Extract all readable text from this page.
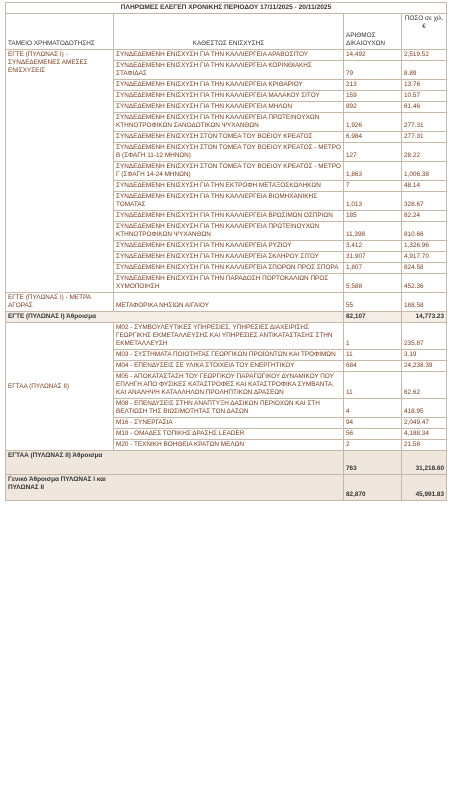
ΠΛΗΡΩΜΕΣ ΕΛΕΓΕΠ ΧΡΟΝΙΚΗΣ ΠΕΡΙΟΔΟΥ 17/11/2025 - 20/11/2025			
ΤΑΜΕΙΟ ΧΡΗΜΑΤΟΔΟΤΗΣΗΣ	ΚΑΘΕΣΤΩΣ ΕΝΙΣΧΥΣΗΣ	ΑΡΙΘΜΟΣ ΔΙΚΑΙΟΥΧΩΝ	ΠΟΣΟ σε χιλ. €
ΕΓΤΕ (ΠΥΛΩΝΑΣ Ι) - ΣΥΝΔΕΔΕΜΕΝΕΣ ΑΜΕΣΕΣ ΕΝΙΣΧΥΣΕΙΣ	ΣΥΝΔΕΔΕΜΕΝΗ ΕΝΙΣΧΥΣΗ ΓΙΑ ΤΗΝ ΚΑΛΛΙΕΡΓΕΙΑ ΑΡΑΒΟΣΙΤΟΥ	14,492	2,519.52
	ΣΥΝΔΕΔΕΜΕΝΗ ΕΝΙΣΧΥΣΗ ΓΙΑ ΤΗΝ ΚΑΛΛΙΕΡΓΕΙΑ ΚΟΡΙΝΘΙΑΚΗΣ ΣΤΑΦΙΔΑΣ	79	8.89
	ΣΥΝΔΕΔΕΜΕΝΗ ΕΝΙΣΧΥΣΗ ΓΙΑ ΤΗΝ ΚΑΛΛΙΕΡΓΕΙΑ ΚΡΙΘΑΡΙΟΥ	213	13.76
	ΣΥΝΔΕΔΕΜΕΝΗ ΕΝΙΣΧΥΣΗ ΓΙΑ ΤΗΝ ΚΑΛΛΙΕΡΓΕΙΑ ΜΑΛΑΚΟΥ ΣΙΤΟΥ	159	10.57
	ΣΥΝΔΕΔΕΜΕΝΗ ΕΝΙΣΧΥΣΗ ΓΙΑ ΤΗΝ ΚΑΛΛΙΕΡΓΕΙΑ ΜΗΛΩΝ	892	61.46
	ΣΥΝΔΕΔΕΜΕΝΗ ΕΝΙΣΧΥΣΗ ΓΙΑ ΤΗΝ ΚΑΛΛΙΕΡΓΕΙΑ ΠΡΩΤΕΙΝΟΥΧΩΝ ΚΤΗΝΟΤΡΟΦΙΚΩΝ ΣΑΝΟΔΟΤΙΚΩΝ ΨΥΧΑΝΘΩΝ	1,926	277.31
	ΣΥΝΔΕΔΕΜΕΝΗ ΕΝΙΣΧΥΣΗ ΣΤΟΝ ΤΟΜΕΑ ΤΟΥ ΒΟΕΙΟΥ ΚΡΕΑΤΟΣ	6,984	277.31
	ΣΥΝΔΕΔΕΜΕΝΗ ΕΝΙΣΧΥΣΗ ΣΤΟΝ ΤΟΜΕΑ ΤΟΥ ΒΟΕΙΟΥ ΚΡΕΑΤΟΣ - ΜΕΤΡΟ Β (ΣΦΑΓΗ 11-12 ΜΗΝΩΝ)	127	28.22
	ΣΥΝΔΕΔΕΜΕΝΗ ΕΝΙΣΧΥΣΗ ΣΤΟΝ ΤΟΜΕΑ ΤΟΥ ΒΟΕΙΟΥ ΚΡΕΑΤΟΣ - ΜΕΤΡΟ Γ (ΣΦΑΓΗ 14-24 ΜΗΝΩΝ)	1,863	1,006.38
	ΣΥΝΔΕΔΕΜΕΝΗ ΕΝΙΣΧΥΣΗ ΓΙΑ ΤΗΝ ΕΚΤΡΟΦΗ ΜΕΤΑΞΟΣΚΩΛΗΚΩΝ	7	48.14
	ΣΥΝΔΕΔΕΜΕΝΗ ΕΝΙΣΧΥΣΗ ΓΙΑ ΤΗΝ ΚΑΛΛΙΕΡΓΕΙΑ ΒΙΟΜΗΧΑΝΙΚΗΣ ΤΟΜΑΤΑΣ	1,013	328.67
	ΣΥΝΔΕΔΕΜΕΝΗ ΕΝΙΣΧΥΣΗ ΓΙΑ ΤΗΝ ΚΑΛΛΙΕΡΓΕΙΑ ΒΡΩΣΙΜΩΝ ΟΣΠΡΙΩΝ	185	82.24
	ΣΥΝΔΕΔΕΜΕΝΗ ΕΝΙΣΧΥΣΗ ΓΙΑ ΤΗΝ ΚΑΛΛΙΕΡΓΕΙΑ ΠΡΩΤΕΙΝΟΥΧΩΝ ΚΤΗΝΟΤΡΟΦΙΚΩΝ ΨΥΧΑΝΘΩΝ	11,398	810.66
	ΣΥΝΔΕΔΕΜΕΝΗ ΕΝΙΣΧΥΣΗ ΓΙΑ ΤΗΝ ΚΑΛΛΙΕΡΓΕΙΑ ΡΥΖΙΟΥ	3,412	1,326.96
	ΣΥΝΔΕΔΕΜΕΝΗ ΕΝΙΣΧΥΣΗ ΓΙΑ ΤΗΝ ΚΑΛΛΙΕΡΓΕΙΑ ΣΚΛΗΡΟΥ ΣΙΤΟΥ	31,907	4,917.70
	ΣΥΝΔΕΔΕΜΕΝΗ ΕΝΙΣΧΥΣΗ ΓΙΑ ΤΗΝ ΚΑΛΛΙΕΡΓΕΙΑ ΣΠΟΡΩΝ ΠΡΟΣ ΣΠΟΡΑ	1,807	824.58
	ΣΥΝΔΕΔΕΜΕΝΗ ΕΝΙΣΧΥΣΗ ΓΙΑ ΤΗΝ ΠΑΡΑΔΟΣΗ ΠΟΡΤΟΚΑΛΙΩΝ ΠΡΟΣ ΧΥΜΟΠΟΙΗΣΗ	5,588	452.36
ΕΓΤΕ (ΠΥΛΩΝΑΣ Ι) - ΜΕΤΡΑ ΑΓΟΡΑΣ	ΜΕΤΑΦΟΡΙΚΑ ΝΗΣΙΩΝ ΑΙΓΑΙΟΥ	55	188.58
ΕΓΤΕ (ΠΥΛΩΝΑΣ Ι) Άθροισμα		82,107	14,773.23
ΕΓΤΑΑ (ΠΥΛΩΝΑΣ ΙΙ)	Μ02 - ΣΥΜΒΟΥΛΕΥΤΙΚΕΣ ΥΠΗΡΕΣΙΕΣ, ΥΠΗΡΕΣΙΕΣ ΔΙΑΧΕΙΡΙΣΗΣ ΓΕΩΡΓΙΚΗΣ ΕΚΜΕΤΑΛΛΕΥΣΗΣ ΚΑΙ ΥΠΗΡΕΣΙΕΣ ΑΝΤΙΚΑΤΑΣΤΑΣΗΣ ΣΤΗΝ ΕΚΜΕΤΑΛΛΕΥΣΗ	1	235.87
	Μ03 - ΣΥΣΤΗΜΑΤΑ ΠΟΙΟΤΗΤΑΣ ΓΕΩΡΓΙΚΩΝ ΠΡΟΪΟΝΤΩΝ ΚΑΙ ΤΡΟΦΙΜΩΝ	11	3.19
	Μ04 - ΕΠΕΝΔΥΣΕΙΣ ΣΕ ΥΛΙΚΑ ΣΤΟΙΧΕΙΑ ΤΟΥ ΕΝΕΡΓΗΤΙΚΟΥ	684	24,238.39
	Μ05 - ΑΠΟΚΑΤΑΣΤΑΣΗ ΤΟΥ ΓΕΩΡΓΙΚΟΥ ΠΑΡΑΓΩΓΙΚΟΥ ΔΥΝΑΜΙΚΟΥ ΠΟΥ ΕΠΛΗΓΗ ΑΠΟ ΦΥΣΙΚΕΣ ΚΑΤΑΣΤΡΟΦΕΣ ΚΑΙ ΚΑΤΑΣΤΡΟΦΙΚΑ ΣΥΜΒΑΝΤΑ, ΚΑΙ ΑΝΑΛΗΨΗ ΚΑΤΑΛΛΗΛΩΝ ΠΡΟΛΗΠΤΙΚΩΝ ΔΡΑΣΕΩΝ	11	62.62
	Μ08 - ΕΠΕΝΔΥΣΕΙΣ ΣΤΗΝ ΑΝΑΠΤΥΞΗ ΔΑΣΙΚΩΝ ΠΕΡΙΟΧΩΝ ΚΑΙ ΣΤΗ ΒΕΛΤΙΩΣΗ ΤΗΣ ΒΙΩΣΙΜΟΤΗΤΑΣ ΤΩΝ ΔΑΣΩΝ	4	418.95
	Μ16 - ΣΥΝΕΡΓΑΣΙΑ	94	2,049.47
	Μ19 - ΟΜΑΔΕΣ ΤΟΠΙΚΗΣ ΔΡΑΣΗΣ LEADER	56	4,188.34
	Μ20 - ΤΕΧΝΙΚΗ ΒΟΗΘΕΙΑ ΚΡΑΤΩΝ ΜΕΛΩΝ	2	21.58
ΕΓΤΑΑ (ΠΥΛΩΝΑΣ ΙΙ) Άθροισμα		763	31,218.60
Γενικό Άθροισμα ΠΥΛΩΝΑΣ Ι και ΠΥΛΩΝΑΣ ΙΙ		82,870	45,991.83
